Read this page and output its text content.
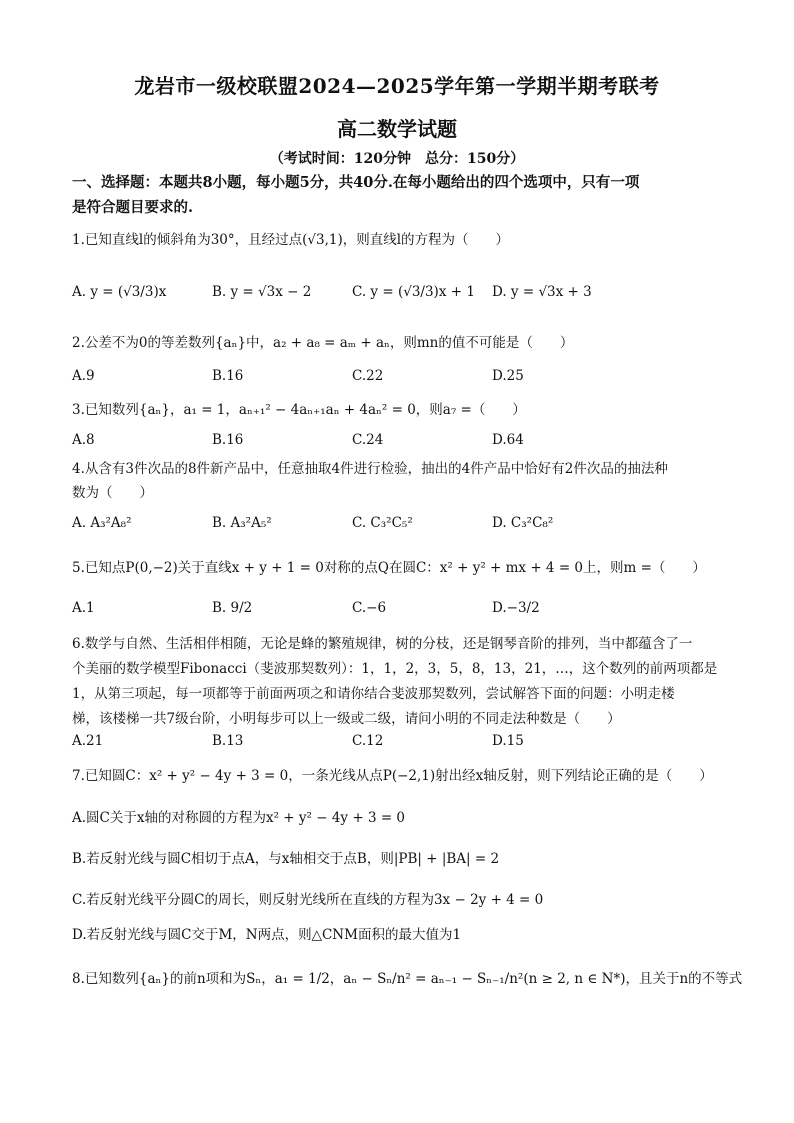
龙岩市一级校联盟2024—2025学年第一学期半期考联考
高二数学试题
（考试时间：120分钟　总分：150分）
一、选择题：本题共8小题，每小题5分，共40分.在每小题给出的四个选项中，只有一项
是符合题目要求的.
1.已知直线l的倾斜角为30°，且经过点(√3,1)，则直线l的方程为（　　）
A. y = (√3/3)x	B. y = √3x − 2	C. y = (√3/3)x + 1 D. y = √3x + 3
2.公差不为0的等差数列{aₙ}中，a₂ + a₈ = aₘ + aₙ，则mn的值不可能是（　　）
A.9	B.16	C.22	D.25
3.已知数列{aₙ}，a₁ = 1，aₙ₊₁² − 4aₙ₊₁aₙ + 4aₙ² = 0，则a₇ =（　　）
A.8	B.16	C.24	D.64
4.从含有3件次品的8件新产品中，任意抽取4件进行检验，抽出的4件产品中恰好有2件次品的抽法种
数为（　　）
A. A₃²A₈²	B. A₃²A₅²	C. C₃²C₅²	D. C₃²C₈²
5.已知点P(0,−2)关于直线x + y + 1 = 0对称的点Q在圆C：x² + y² + mx + 4 = 0上，则m =（　　）
A.1	B. 9/2	C.−6	D.−3/2
6.数学与自然、生活相伴相随，无论是蜂的繁殖规律，树的分枝，还是钢琴音阶的排列，当中都蕴含了一
个美丽的数学模型Fibonacci（斐波那契数列）：1，1，2，3，5，8，13，21，…，这个数列的前两项都是
1，从第三项起，每一项都等于前面两项之和请你结合斐波那契数列，尝试解答下面的问题：小明走楼
梯，该楼梯一共7级台阶，小明每步可以上一级或二级，请问小明的不同走法种数是（　　）
A.21	B.13	C.12	D.15
7.已知圆C：x² + y² − 4y + 3 = 0，一条光线从点P(−2,1)射出经x轴反射，则下列结论正确的是（　　）
A.圆C关于x轴的对称圆的方程为x² + y² − 4y + 3 = 0
B.若反射光线与圆C相切于点A，与x轴相交于点B，则|PB| + |BA| = 2
C.若反射光线平分圆C的周长，则反射光线所在直线的方程为3x − 2y + 4 = 0
D.若反射光线与圆C交于M，N两点，则△CNM面积的最大值为1
8.已知数列{aₙ}的前n项和为Sₙ，a₁ = 1/2，aₙ − Sₙ/n² = aₙ₋₁ − Sₙ₋₁/n²(n ≥ 2, n ∈ N*)，且关于n的不等式
